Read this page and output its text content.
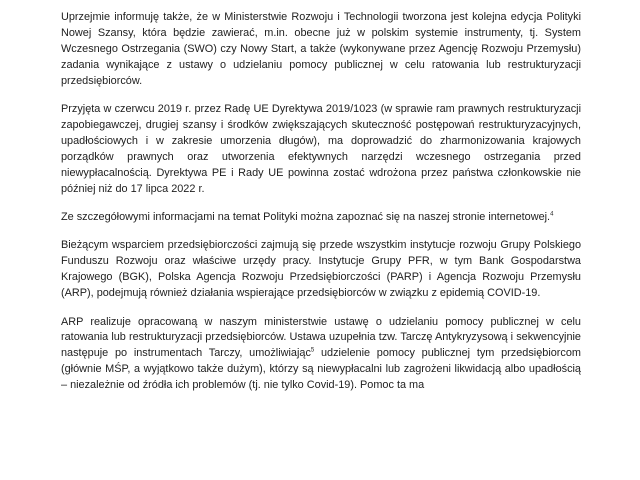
Uprzejmie informuję także, że w Ministerstwie Rozwoju i Technologii tworzona jest kolejna edycja Polityki Nowej Szansy, która będzie zawierać, m.in. obecne już w polskim systemie instrumenty, tj. System Wczesnego Ostrzegania (SWO) czy Nowy Start, a także (wykonywane przez Agencję Rozwoju Przemysłu) zadania wynikające z ustawy o udzielaniu pomocy publicznej w celu ratowania lub restrukturyzacji przedsiębiorców.

Przyjęta w czerwcu 2019 r. przez Radę UE Dyrektywa 2019/1023 (w sprawie ram prawnych restrukturyzacji zapobiegawczej, drugiej szansy i środków zwiększających skuteczność postępowań restrukturyzacyjnych, upadłościowych i w zakresie umorzenia długów), ma doprowadzić do zharmonizowania krajowych porządków prawnych oraz utworzenia efektywnych narzędzi wczesnego ostrzegania przed niewypłacalnością. Dyrektywa PE i Rady UE powinna zostać wdrożona przez państwa członkowskie nie później niż do 17 lipca 2022 r.

Ze szczegółowymi informacjami na temat Polityki można zapoznać się na naszej stronie internetowej.$^4$

Bieżącym wsparciem przedsiębiorczości zajmują się przede wszystkim instytucje rozwoju Grupy Polskiego Funduszu Rozwoju oraz właściwe urzędy pracy. Instytucje Grupy PFR, w tym Bank Gospodarstwa Krajowego (BGK), Polska Agencja Rozwoju Przedsiębiorczości (PARP) i Agencja Rozwoju Przemysłu (ARP), podejmują również działania wspierające przedsiębiorców w związku z epidemią COVID-19.

ARP realizuje opracowaną w naszym ministerstwie ustawę o udzielaniu pomocy publicznej w celu ratowania lub restrukturyzacji przedsiębiorców. Ustawa uzupełnia tzw. Tarczę Antykryzysową i sekwencyjnie następuje po instrumentach Tarczy, umożliwiając$^5$ udzielenie pomocy publicznej tym przedsiębiorcom (głównie MŚP, a wyjątkowo także dużym), którzy są niewypłacalni lub zagrożeni likwidacją albo upadłością – niezależnie od źródła ich problemów (tj. nie tylko Covid-19). Pomoc ta ma
